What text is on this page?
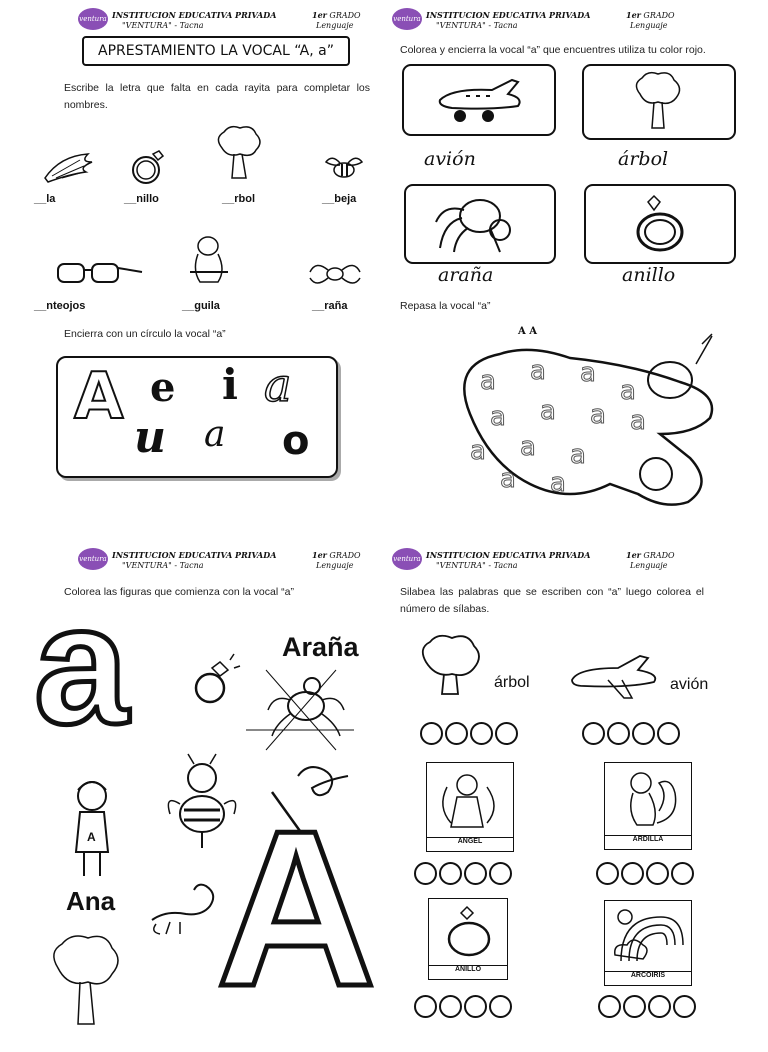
ventura INSTITUCION EDUCATIVA PRIVADA
"VENTURA" - Tacna
1er GRADO
Lenguaje
APRESTAMIENTO LA VOCAL “A, a”
Escribe la letra que falta en cada rayita para completar los nombres.
__la	__nillo	__rbol	__beja
__nteojos	__guila	__raña
Encierra con un círculo la vocal “a”
A e i a
u a o
ventura INSTITUCION EDUCATIVA PRIVADA
"VENTURA" - Tacna
1er GRADO
Lenguaje
Colorea y encierra la vocal “a” que encuentres utiliza tu color rojo.
avión	árbol
araña	anillo
Repasa la vocal “a”
A A
a a a
a
a a a a
a a a
a a
ventura INSTITUCION EDUCATIVA PRIVADA
"VENTURA" - Tacna
1er GRADO
Lenguaje
Colorea las figuras que comienza con la vocal “a”
a	Araña
A
Ana A
ventura INSTITUCION EDUCATIVA PRIVADA
"VENTURA" - Tacna
1er GRADO
Lenguaje
Silabea las palabras que se escriben con “a” luego colorea el número de sílabas.
árbol	avión
ANGEL	ARDILLA
ANILLO
ARCOIRIS
